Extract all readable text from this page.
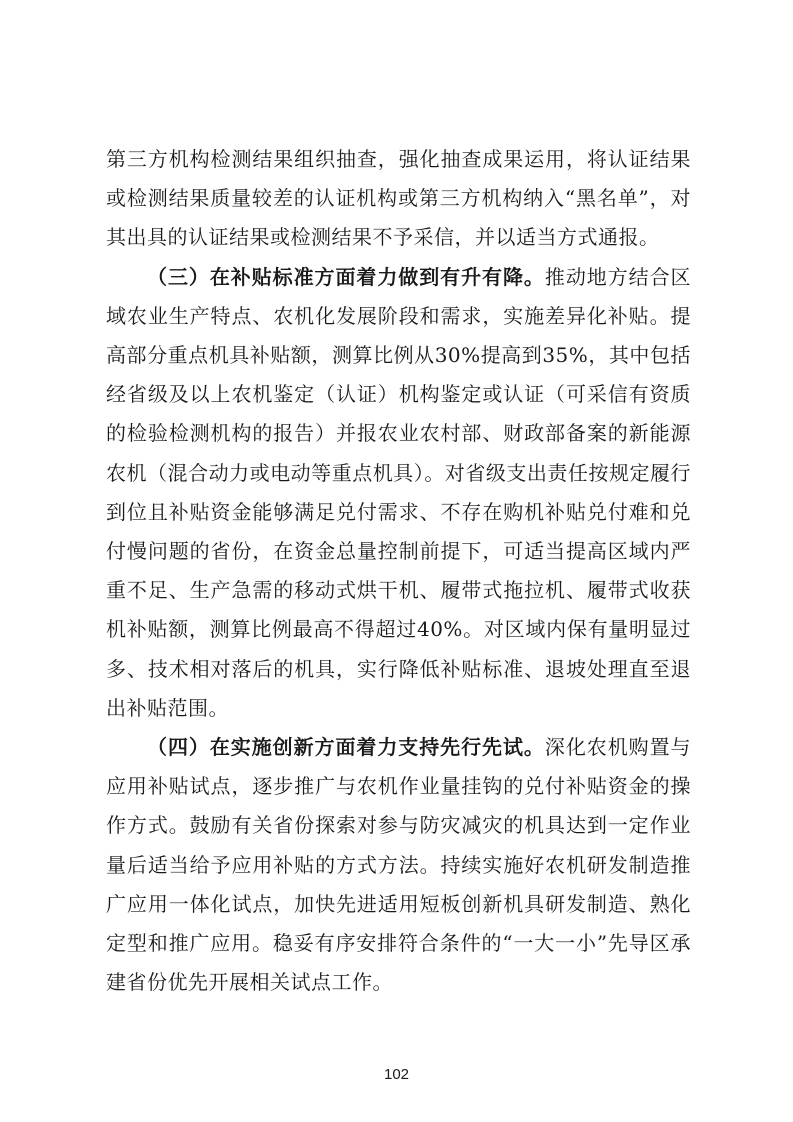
第三方机构检测结果组织抽查，强化抽查成果运用，将认证结果或检测结果质量较差的认证机构或第三方机构纳入“黑名单”，对其出具的认证结果或检测结果不予采信，并以适当方式通报。

（三）在补贴标准方面着力做到有升有降。推动地方结合区域农业生产特点、农机化发展阶段和需求，实施差异化补贴。提高部分重点机具补贴额，测算比例从30%提高到35%，其中包括经省级及以上农机鉴定（认证）机构鉴定或认证（可采信有资质的检验检测机构的报告）并报农业农村部、财政部备案的新能源农机（混合动力或电动等重点机具）。对省级支出责任按规定履行到位且补贴资金能够满足兑付需求、不存在购机补贴兑付难和兑付慢问题的省份，在资金总量控制前提下，可适当提高区域内严重不足、生产急需的移动式烘干机、履带式拖拉机、履带式收获机补贴额，测算比例最高不得超过40%。对区域内保有量明显过多、技术相对落后的机具，实行降低补贴标准、退坡处理直至退出补贴范围。

（四）在实施创新方面着力支持先行先试。深化农机购置与应用补贴试点，逐步推广与农机作业量挂钩的兑付补贴资金的操作方式。鼓励有关省份探索对参与防灾减灾的机具达到一定作业量后适当给予应用补贴的方式方法。持续实施好农机研发制造推广应用一体化试点，加快先进适用短板创新机具研发制造、熟化定型和推广应用。稳妥有序安排符合条件的“一大一小”先导区承建省份优先开展相关试点工作。

102
